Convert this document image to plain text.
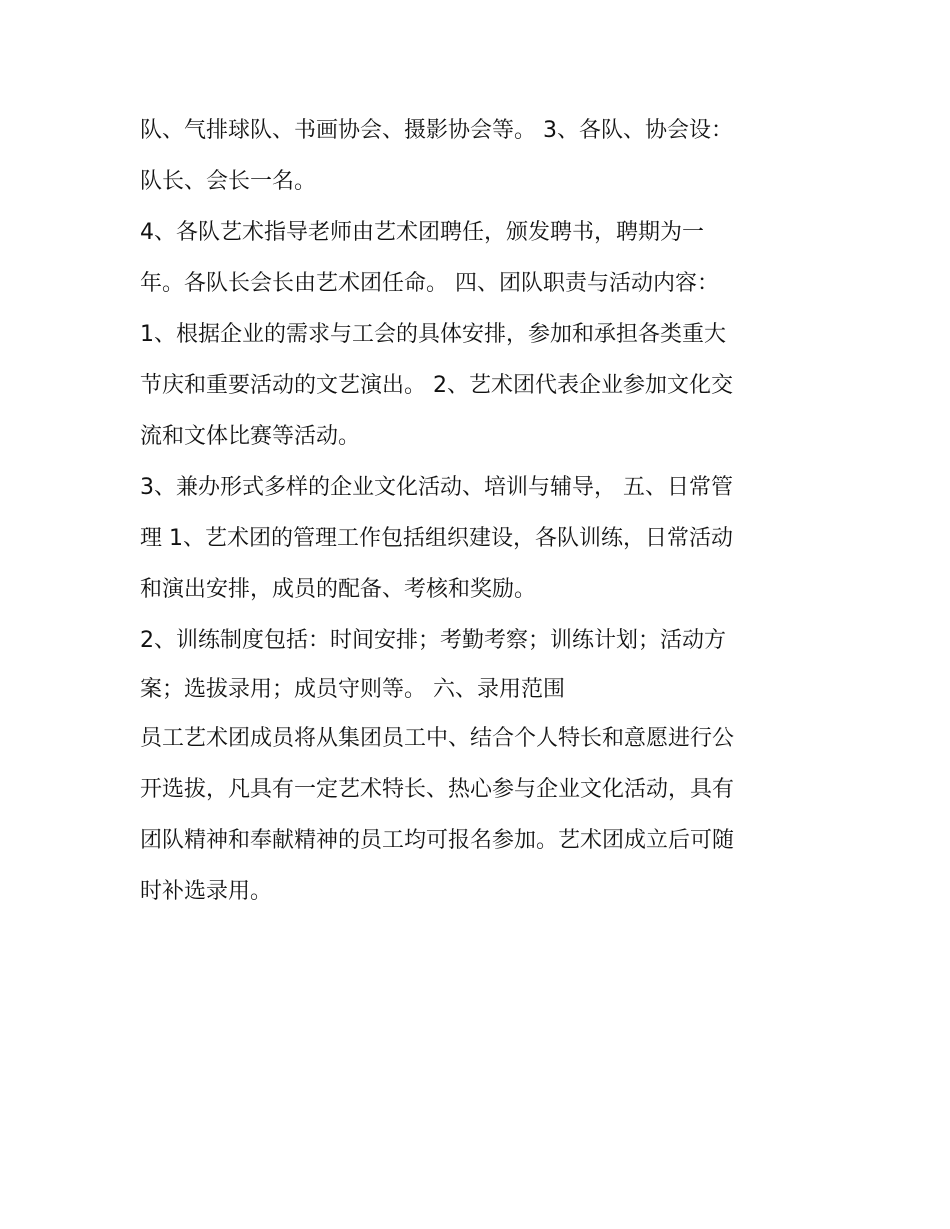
队、气排球队、书画协会、摄影协会等。 3、各队、协会设：
队长、会长一名。
4、各队艺术指导老师由艺术团聘任，颁发聘书，聘期为一
年。各队长会长由艺术团任命。 四、团队职责与活动内容：
1、根据企业的需求与工会的具体安排，参加和承担各类重大
节庆和重要活动的文艺演出。 2、艺术团代表企业参加文化交
流和文体比赛等活动。
3、兼办形式多样的企业文化活动、培训与辅导， 五、日常管
理 1、艺术团的管理工作包括组织建设，各队训练，日常活动
和演出安排，成员的配备、考核和奖励。
2、训练制度包括：时间安排；考勤考察；训练计划；活动方
案；选拔录用；成员守则等。 六、录用范围
员工艺术团成员将从集团员工中、结合个人特长和意愿进行公
开选拔，凡具有一定艺术特长、热心参与企业文化活动，具有
团队精神和奉献精神的员工均可报名参加。艺术团成立后可随
时补选录用。
